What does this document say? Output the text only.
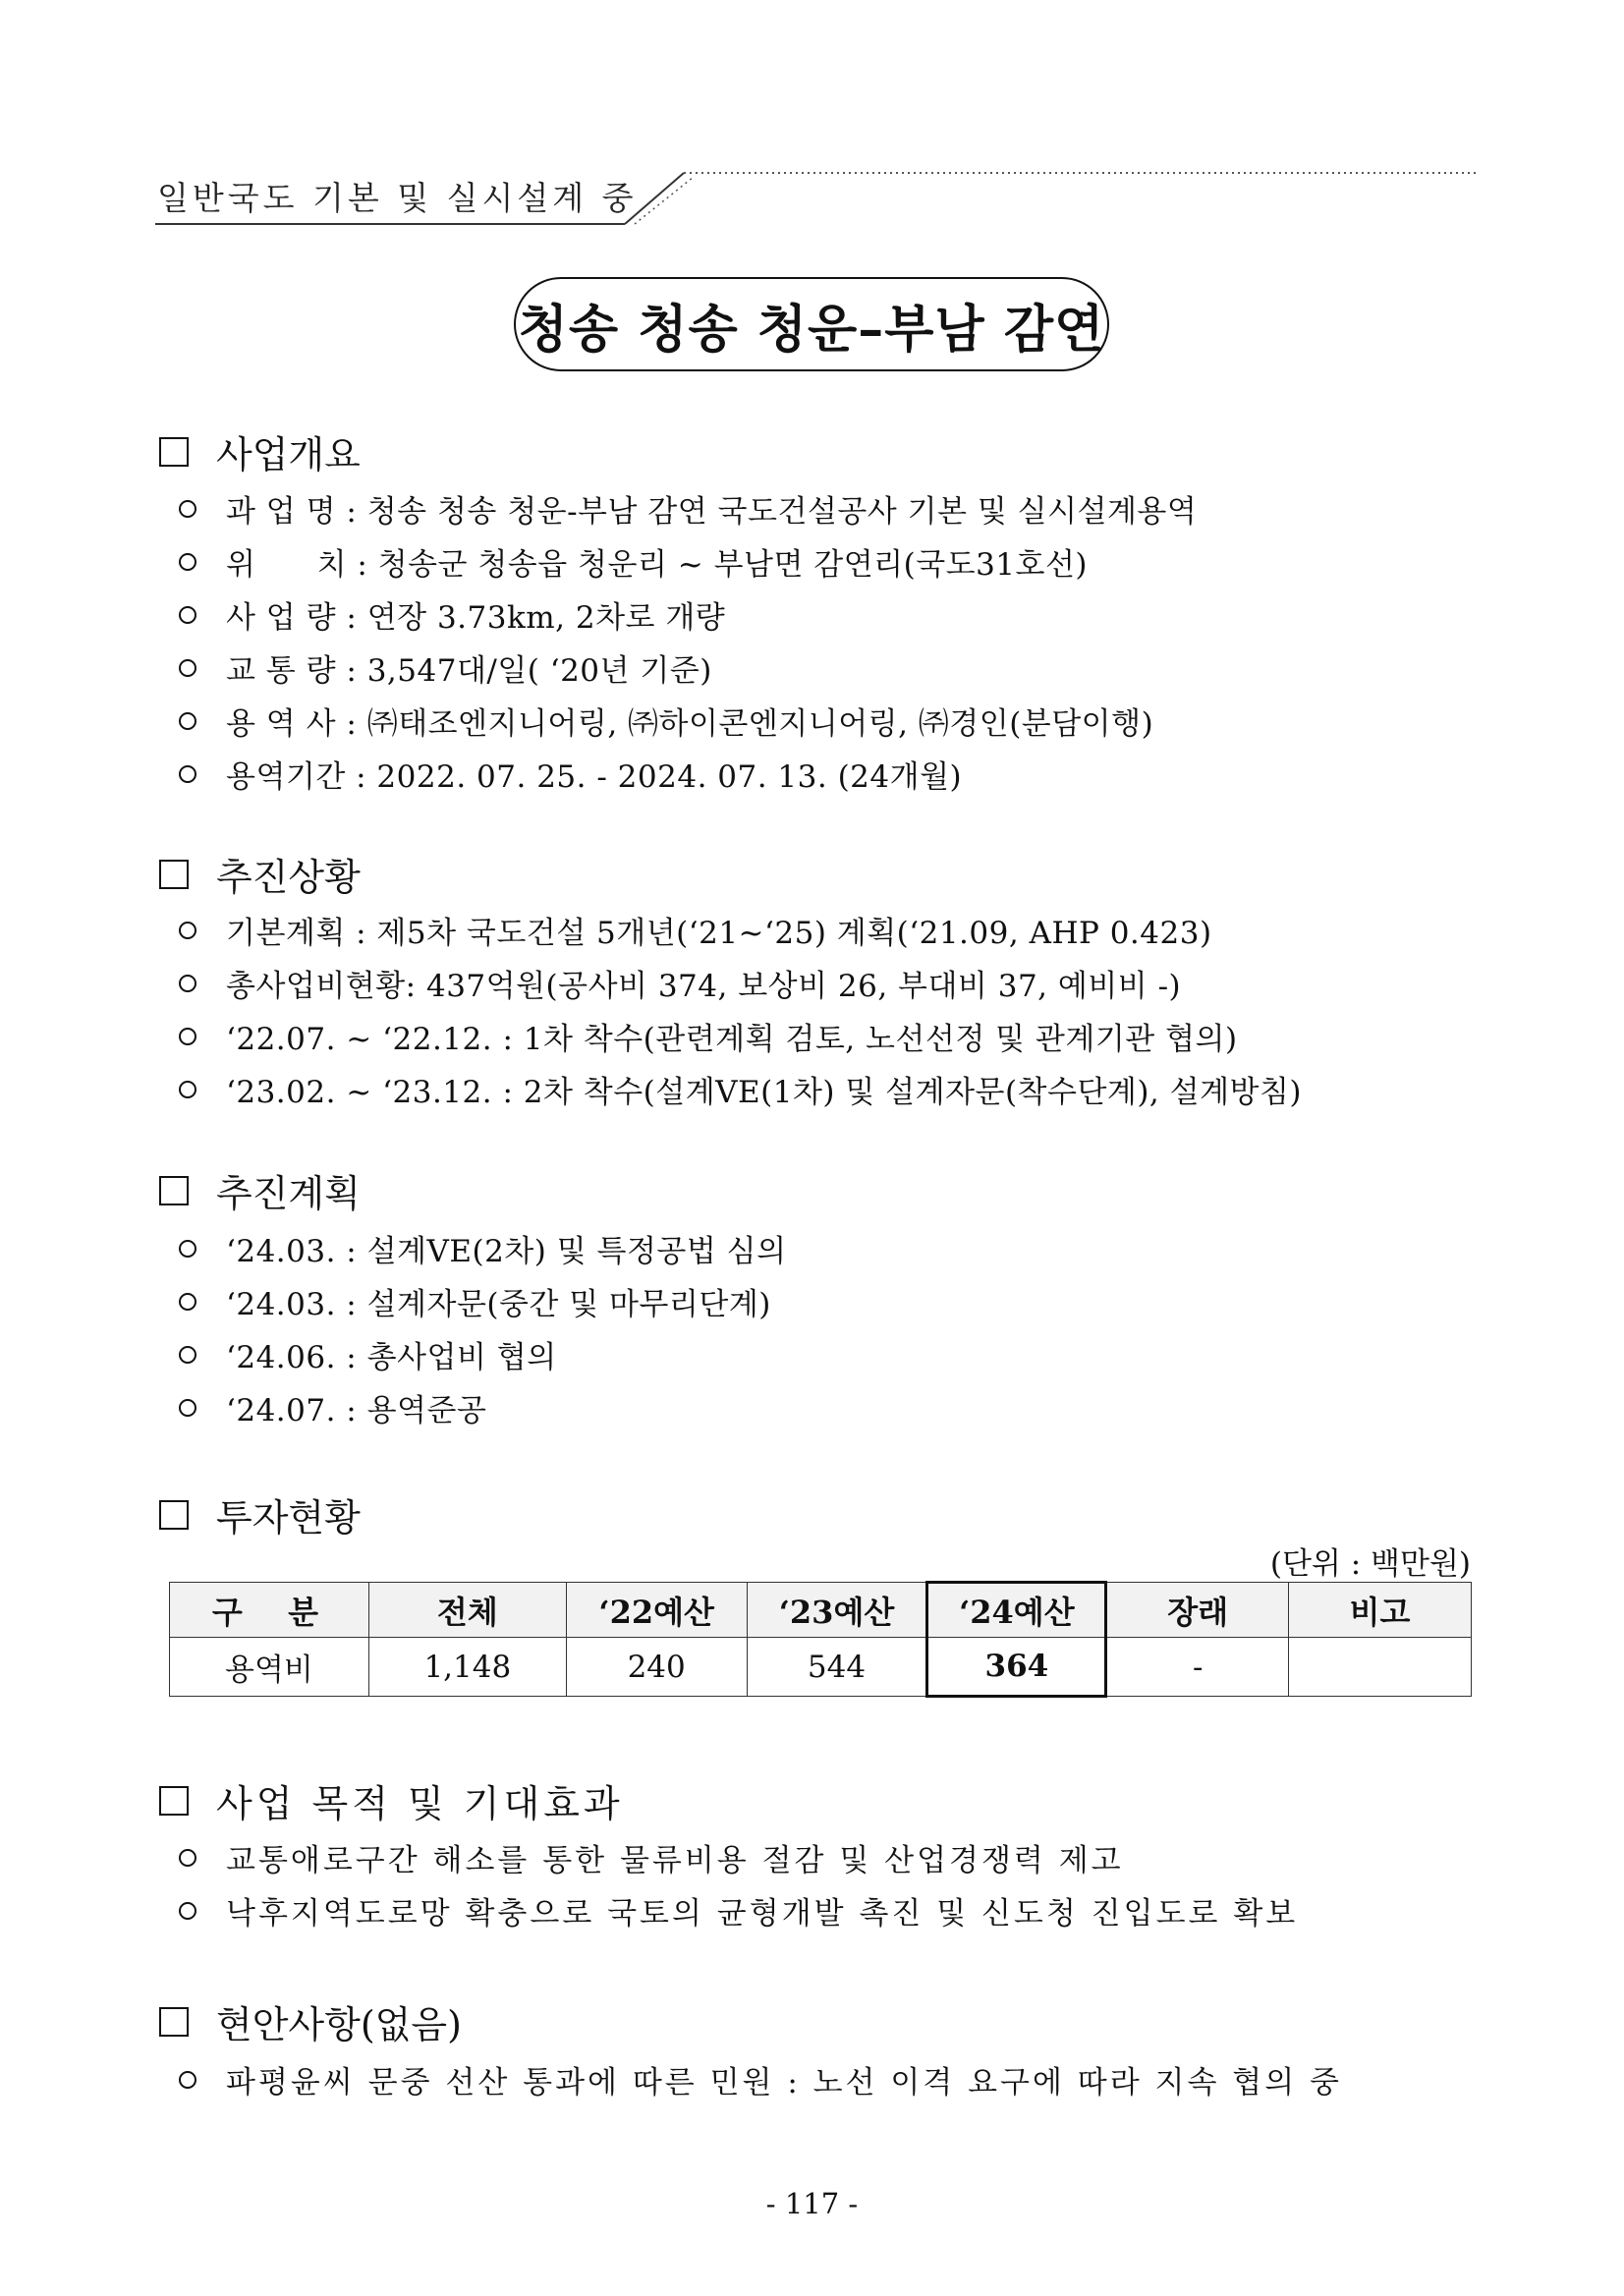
일반국도 기본 및 실시설계 중
청송 청송 청운–부남 감연
사업개요
과 업 명 : 청송 청송 청운-부남 감연 국도건설공사 기본 및 실시설계용역
위      치 : 청송군 청송읍 청운리 ~ 부남면 감연리(국도31호선)
사 업 량 : 연장 3.73km, 2차로 개량
교 통 량 : 3,547대/일( ‘20년 기준)
용 역 사 : ㈜태조엔지니어링, ㈜하이콘엔지니어링, ㈜경인(분담이행)
용역기간 : 2022. 07. 25. - 2024. 07. 13. (24개월)
추진상황
기본계획 : 제5차 국도건설 5개년(‘21~‘25) 계획(‘21.09, AHP 0.423)
총사업비현황: 437억원(공사비 374, 보상비 26, 부대비 37, 예비비 -)
‘22.07. ~ ‘22.12. : 1차 착수(관련계획 검토, 노선선정 및 관계기관 협의)
‘23.02. ~ ‘23.12. : 2차 착수(설계VE(1차) 및 설계자문(착수단계), 설계방침)
추진계획
‘24.03. : 설계VE(2차) 및 특정공법 심의
‘24.03. : 설계자문(중간 및 마무리단계)
‘24.06. : 총사업비 협의
‘24.07. : 용역준공
투자현황
(단위 : 백만원)
구  분	전체	‘22예산	‘23예산	‘24예산	장래	비고
용역비	1,148	240	544	364	-	
사업 목적 및 기대효과
교통애로구간 해소를 통한 물류비용 절감 및 산업경쟁력 제고
낙후지역도로망 확충으로 국토의 균형개발 촉진 및 신도청 진입도로 확보
현안사항(없음)
파평윤씨 문중 선산 통과에 따른 민원 : 노선 이격 요구에 따라 지속 협의 중
- 117 -
